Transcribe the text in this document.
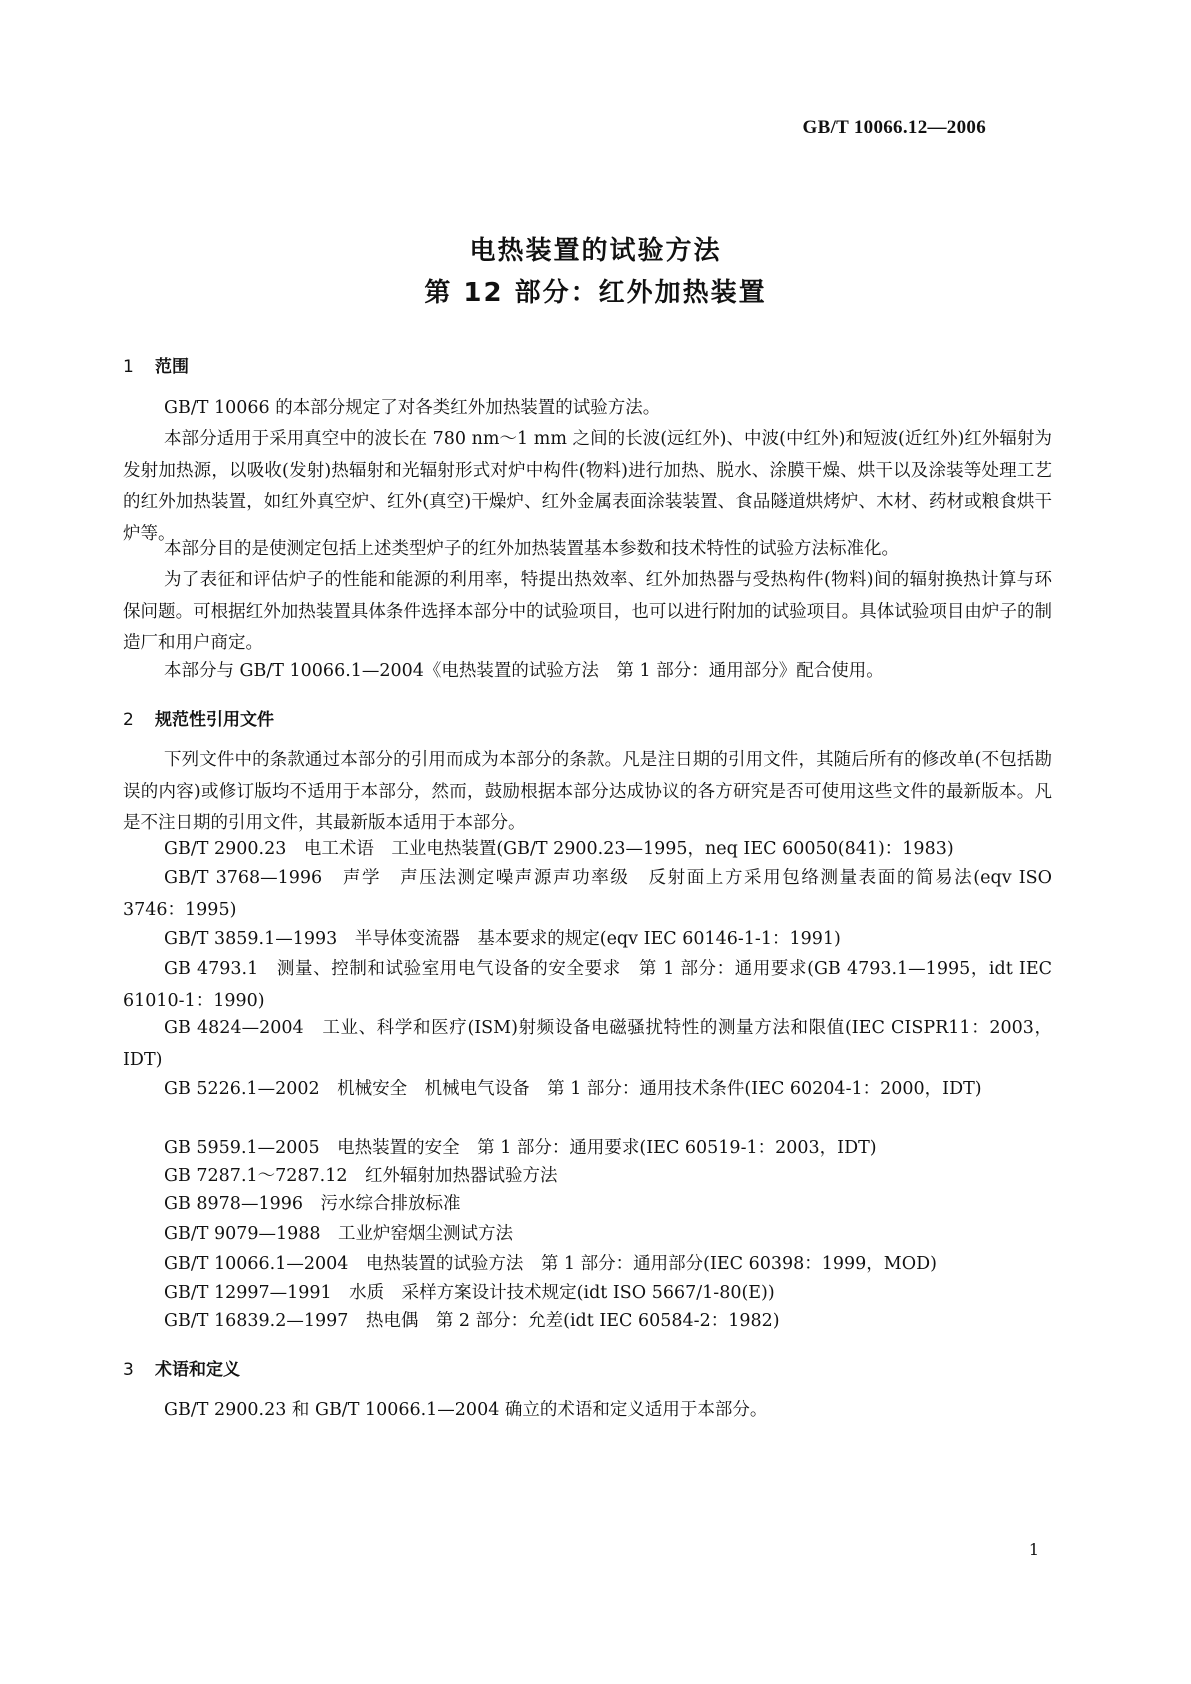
GB/T 10066.12—2006
电热装置的试验方法
第 12 部分：红外加热装置
1 范围

GB/T 10066 的本部分规定了对各类红外加热装置的试验方法。

本部分适用于采用真空中的波长在 780 nm～1 mm 之间的长波(远红外)、中波(中红外)和短波(近红外)红外辐射为发射加热源，以吸收(发射)热辐射和光辐射形式对炉中构件(物料)进行加热、脱水、涂膜干燥、烘干以及涂装等处理工艺的红外加热装置，如红外真空炉、红外(真空)干燥炉、红外金属表面涂装装置、食品隧道烘烤炉、木材、药材或粮食烘干炉等。

本部分目的是使测定包括上述类型炉子的红外加热装置基本参数和技术特性的试验方法标准化。

为了表征和评估炉子的性能和能源的利用率，特提出热效率、红外加热器与受热构件(物料)间的辐射换热计算与环保问题。可根据红外加热装置具体条件选择本部分中的试验项目，也可以进行附加的试验项目。具体试验项目由炉子的制造厂和用户商定。

本部分与 GB/T 10066.1—2004《电热装置的试验方法　第 1 部分：通用部分》配合使用。

2 规范性引用文件

下列文件中的条款通过本部分的引用而成为本部分的条款。凡是注日期的引用文件，其随后所有的修改单(不包括勘误的内容)或修订版均不适用于本部分，然而，鼓励根据本部分达成协议的各方研究是否可使用这些文件的最新版本。凡是不注日期的引用文件，其最新版本适用于本部分。

GB/T 2900.23　电工术语　工业电热装置(GB/T 2900.23—1995，neq IEC 60050(841)：1983)

GB/T 3768—1996　声学　声压法测定噪声源声功率级　反射面上方采用包络测量表面的简易法(eqv ISO 3746：1995)

GB/T 3859.1—1993　半导体变流器　基本要求的规定(eqv IEC 60146-1-1：1991)

GB 4793.1　测量、控制和试验室用电气设备的安全要求　第 1 部分：通用要求(GB 4793.1—1995，idt IEC 61010-1：1990)

GB 4824—2004　工业、科学和医疗(ISM)射频设备电磁骚扰特性的测量方法和限值(IEC CISPR11：2003，IDT)

GB 5226.1—2002　机械安全　机械电气设备　第 1 部分：通用技术条件(IEC 60204-1：2000，IDT)

GB 5959.1—2005　电热装置的安全　第 1 部分：通用要求(IEC 60519-1：2003，IDT)

GB 7287.1～7287.12　红外辐射加热器试验方法

GB 8978—1996　污水综合排放标准

GB/T 9079—1988　工业炉窑烟尘测试方法

GB/T 10066.1—2004　电热装置的试验方法　第 1 部分：通用部分(IEC 60398：1999，MOD)

GB/T 12997—1991　水质　采样方案设计技术规定(idt ISO 5667/1-80(E))

GB/T 16839.2—1997　热电偶　第 2 部分：允差(idt IEC 60584-2：1982)

3 术语和定义

GB/T 2900.23 和 GB/T 10066.1—2004 确立的术语和定义适用于本部分。

1
